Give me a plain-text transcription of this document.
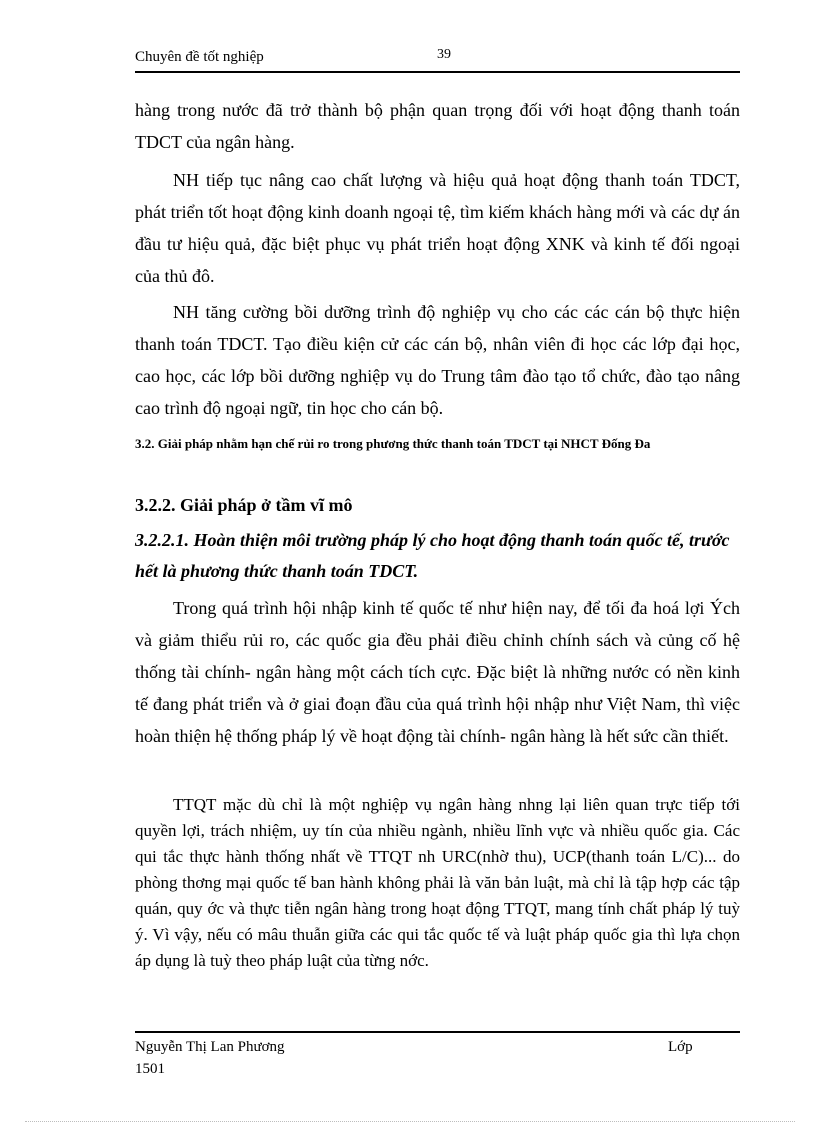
Chuyên đề tốt nghiệp	39

hàng trong nước đã trở thành bộ phận quan trọng đối với hoạt động thanh toán TDCT của ngân hàng.

NH tiếp tục nâng cao chất lượng và hiệu quả hoạt động thanh toán TDCT, phát triển tốt hoạt động kinh doanh ngoại tệ, tìm kiếm khách hàng mới và các dự án đầu tư hiệu quả, đặc biệt phục vụ phát triển hoạt động XNK và kinh tế đối ngoại của thủ đô.

NH tăng cường bồi dưỡng trình độ nghiệp vụ cho các các cán bộ thực hiện thanh toán TDCT. Tạo điều kiện cử các cán bộ, nhân viên đi học các lớp đại học, cao học, các lớp bồi dưỡng nghiệp vụ do Trung tâm đào tạo tổ chức, đào tạo nâng cao trình độ ngoại ngữ, tin học cho cán bộ.

3.2. Giải pháp nhằm hạn chế rủi ro trong phương thức thanh toán TDCT tại NHCT Đống Đa

3.2.2. Giải pháp ở tầm vĩ mô

3.2.2.1. Hoàn thiện môi trường pháp lý cho hoạt động thanh toán quốc tế, trước hết là phương thức thanh toán TDCT.

Trong quá trình hội nhập kinh tế quốc tế như hiện nay, để tối đa hoá lợi Ých và giảm thiểu rủi ro, các quốc gia đều phải điều chỉnh chính sách và củng cố hệ thống tài chính- ngân hàng một cách tích cực. Đặc biệt là những nước có nền kinh tế đang phát triển và ở giai đoạn đầu của quá trình hội nhập như Việt Nam, thì việc hoàn thiện hệ thống pháp lý về hoạt động tài chính- ngân hàng là hết sức cần thiết.

TTQT mặc dù chỉ là một nghiệp vụ ngân hàng nhng lại liên quan trực tiếp tới quyền lợi, trách nhiệm, uy tín của nhiều ngành, nhiều lĩnh vực và nhiều quốc gia. Các qui tắc thực hành thống nhất về TTQT nh URC(nhờ thu), UCP(thanh toán L/C)... do phòng thơng mại quốc tế ban hành không phải là văn bản luật, mà chỉ là tập hợp các tập quán, quy ớc và thực tiễn ngân hàng trong hoạt động TTQT, mang tính chất pháp lý tuỳ ý. Vì vậy, nếu có mâu thuẫn giữa các qui tắc quốc tế và luật pháp quốc gia thì lựa chọn áp dụng là tuỳ theo pháp luật của từng nớc.

Nguyễn Thị Lan Phương
1501
Lớp
